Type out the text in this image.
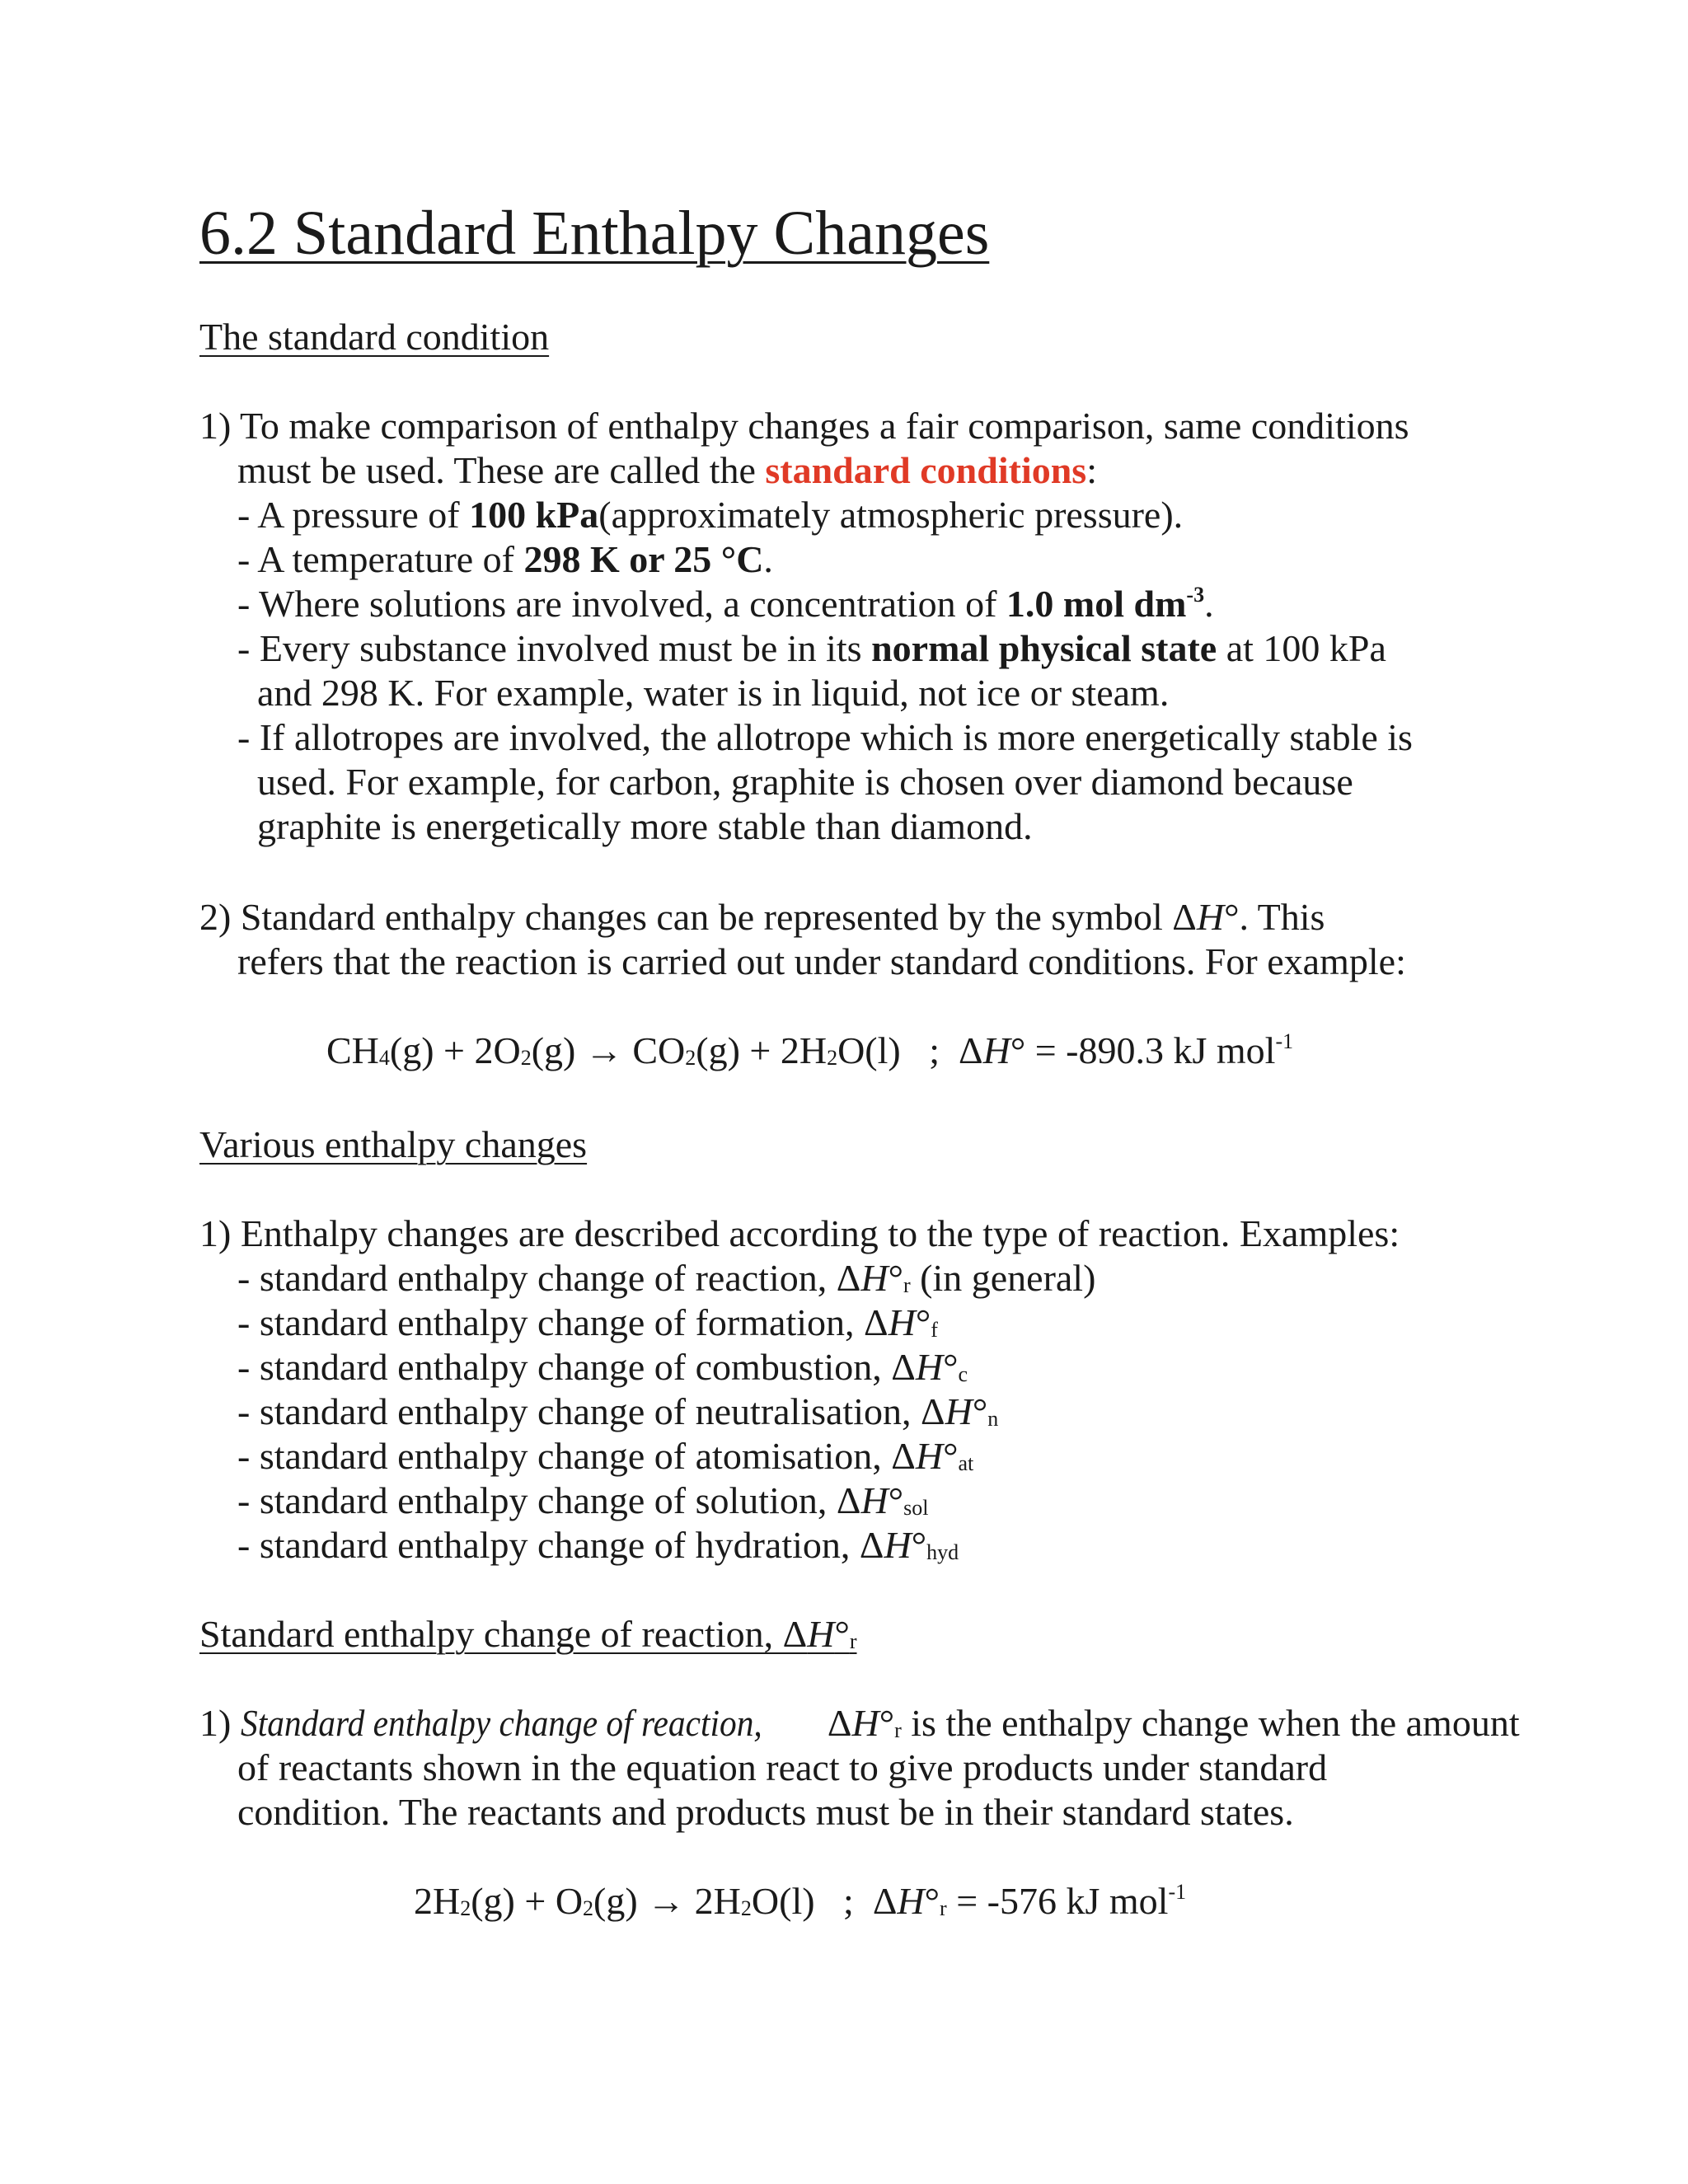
6.2 Standard Enthalpy Changes
The standard condition
1) To make comparison of enthalpy changes a fair comparison, same conditions
must be used. These are called the standard conditions:
- A pressure of 100 kPa(approximately atmospheric pressure).
- A temperature of 298 K or 25 °C.
- Where solutions are involved, a concentration of 1.0 mol $dm^{-3}$.
- Every substance involved must be in its normal physical state at 100 kPa
and 298 K. For example, water is in liquid, not ice or steam.
- If allotropes are involved, the allotrope which is more energetically stable is
used. For example, for carbon, graphite is chosen over diamond because
graphite is energetically more stable than diamond.
2) Standard enthalpy changes can be represented by the symbol ΔH°. This
refers that the reaction is carried out under standard conditions. For example:
CH4(g) + 2O2(g) → CO2(g) + 2H2O(l)   ;  ΔH° = -890.3 kJ mol$^{-1}$
Various enthalpy changes
1) Enthalpy changes are described according to the type of reaction. Examples:
- standard enthalpy change of reaction, ΔH°r (in general)
- standard enthalpy change of formation, ΔH°f
- standard enthalpy change of combustion, ΔH°c
- standard enthalpy change of neutralisation, ΔH°n
- standard enthalpy change of atomisation, ΔH°at
- standard enthalpy change of solution, ΔH°sol
- standard enthalpy change of hydration, ΔH°hyd
Standard enthalpy change of reaction, ΔH°r
1) Standard enthalpy change of reaction, ΔH°r is the enthalpy change when the amount
of reactants shown in the equation react to give products under standard
condition. The reactants and products must be in their standard states.
2H2(g) + O2(g) → 2H2O(l)   ;  ΔH°r = -576 kJ mol$^{-1}$
